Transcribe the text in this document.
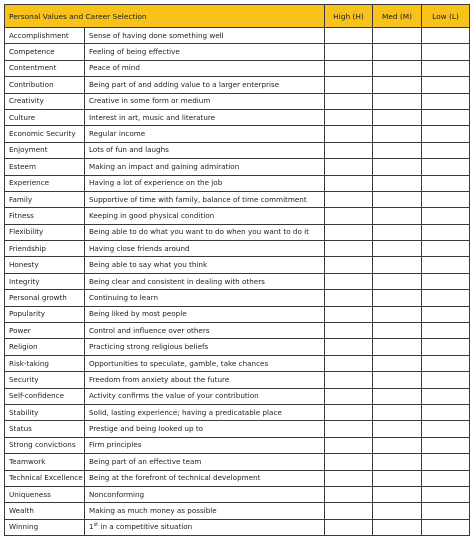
Personal Values and Career Selection		High (H)	Med (M)	Low (L)
Accomplishment	Sense of having done something well			
Competence	Feeling of being effective			
Contentment	Peace of mind			
Contribution	Being part of and adding value to a larger enterprise			
Creativity	Creative in some form or medium			
Culture	Interest in art, music and literature			
Economic Security	Regular income			
Enjoyment	Lots of fun and laughs			
Esteem	Making an impact and gaining admiration			
Experience	Having a lot of experience on the job			
Family	Supportive of time with family, balance of time commitment			
Fitness	Keeping in good physical condition			
Flexibility	Being able to do what you want to do when you want to do it			
Friendship	Having close friends around			
Honesty	Being able to say what you think			
Integrity	Being clear and consistent in dealing with others			
Personal growth	Continuing to learn			
Popularity	Being liked by most people			
Power	Control and influence over others			
Religion	Practicing strong religious beliefs			
Risk-taking	Opportunities to speculate, gamble, take chances			
Security	Freedom from anxiety about the future			
Self-confidence	Activity confirms the value of your contribution			
Stability	Solid, lasting experience; having a predicatable place			
Status	Prestige and being looked up to			
Strong convictions	Firm principles			
Teamwork	Being part of an effective team			
Technical Excellence	Being at the forefront of technical development			
Uniqueness	Nonconforming			
Wealth	Making as much money as possible			
Winning	1st in a competitive situation			
